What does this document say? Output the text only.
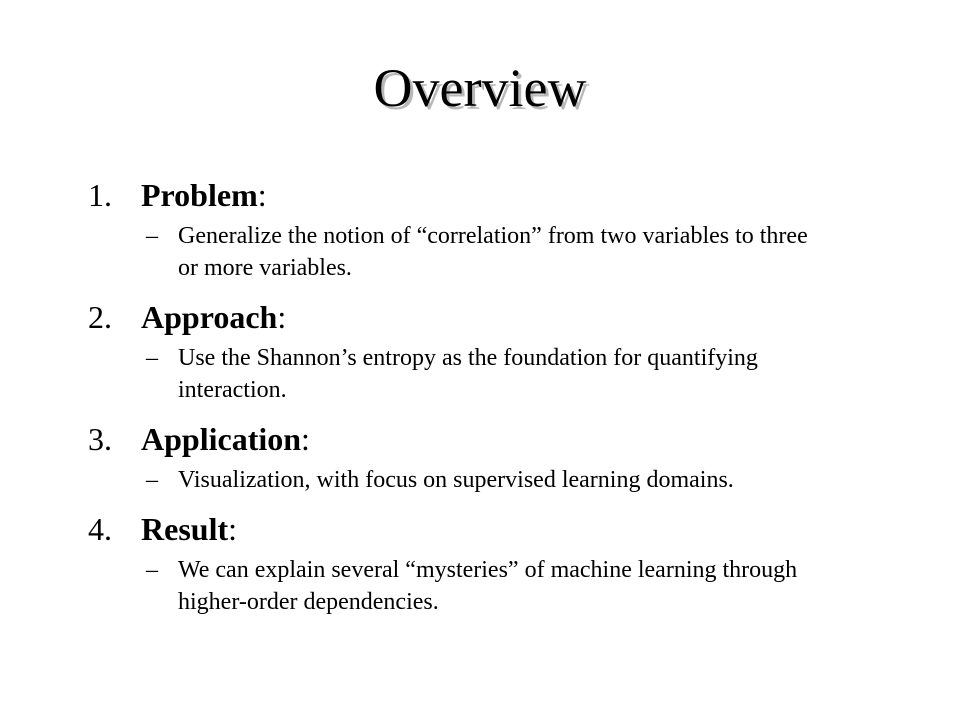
Overview
1. Problem:
– Generalize the notion of “correlation” from two variables to three or more variables.
2. Approach:
– Use the Shannon’s entropy as the foundation for quantifying interaction.
3. Application:
– Visualization, with focus on supervised learning domains.
4. Result:
– We can explain several “mysteries” of machine learning through higher-order dependencies.
